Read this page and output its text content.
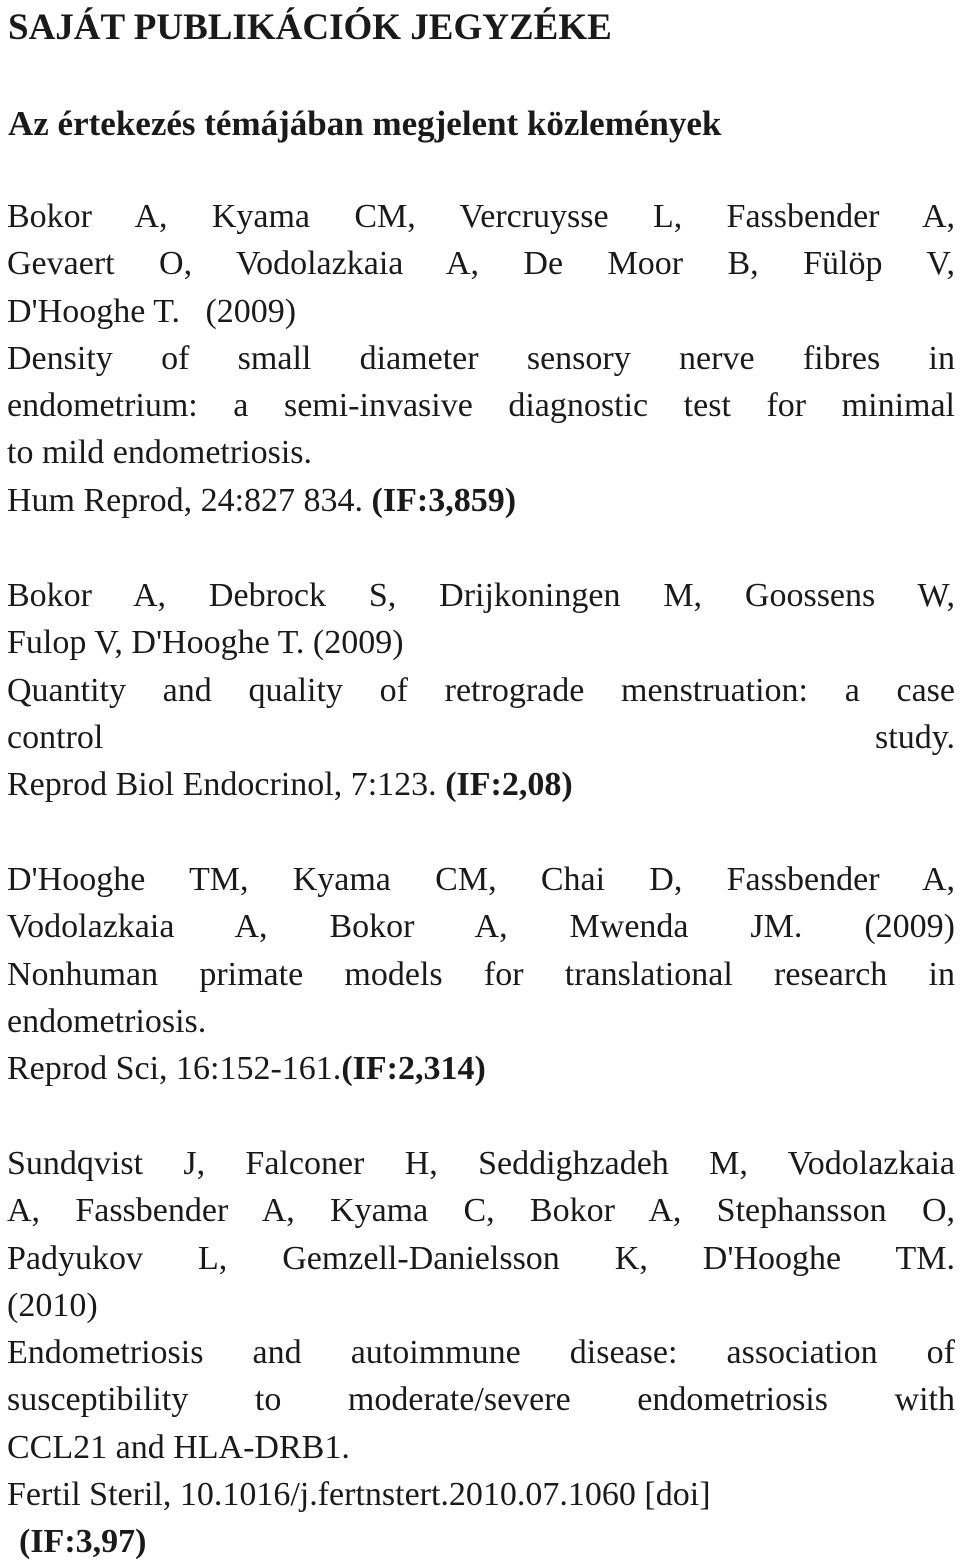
SAJÁT PUBLIKÁCIÓK JEGYZÉKE
Az értekezés témájában megjelent közlemények
Bokor A, Kyama CM, Vercruysse L, Fassbender A,
Gevaert O, Vodolazkaia A, De Moor B, Fülöp V,
D'Hooghe T. (2009)
Density of small diameter sensory nerve fibres in
endometrium: a semi-invasive diagnostic test for minimal
to mild endometriosis.
Hum Reprod, 24:827 834. (IF:3,859)
Bokor A, Debrock S, Drijkoningen M, Goossens W,
Fulop V, D'Hooghe T. (2009)
Quantity and quality of retrograde menstruation: a case
control study.
Reprod Biol Endocrinol, 7:123. (IF:2,08)
D'Hooghe TM, Kyama CM, Chai D, Fassbender A,
Vodolazkaia A, Bokor A, Mwenda JM. (2009)
Nonhuman primate models for translational research in
endometriosis.
Reprod Sci, 16:152-161.(IF:2,314)
Sundqvist J, Falconer H, Seddighzadeh M, Vodolazkaia
A, Fassbender A, Kyama C, Bokor A, Stephansson O,
Padyukov L, Gemzell-Danielsson K, D'Hooghe TM.
(2010)
Endometriosis and autoimmune disease: association of
susceptibility to moderate/severe endometriosis with
CCL21 and HLA-DRB1.
Fertil Steril, 10.1016/j.fertnstert.2010.07.1060 [doi]
(IF:3,97)
